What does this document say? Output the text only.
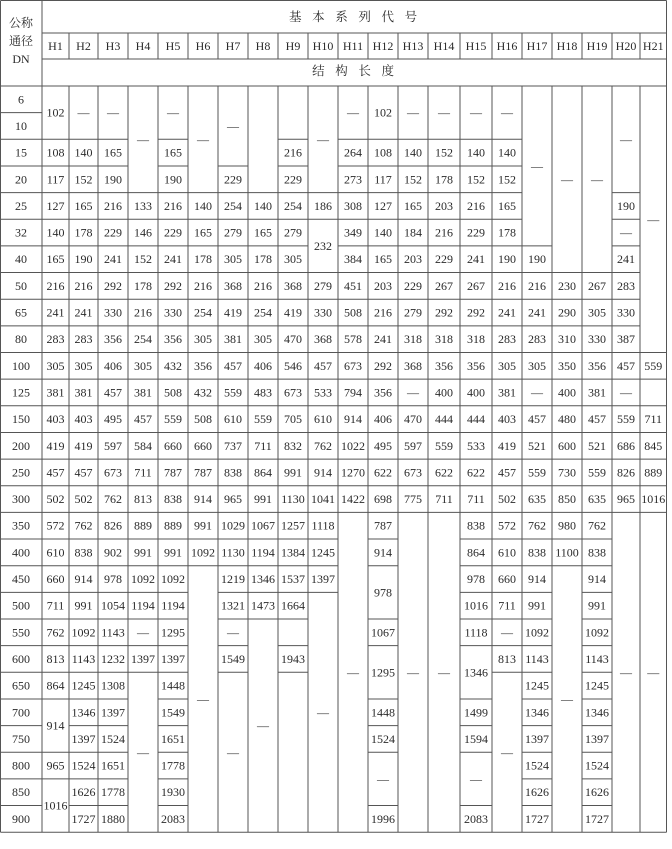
公称
通径
DN
基 本 系 列 代 号
结 构 长 度
H1 H2 H3 H4 H5 H6 H7 H8 H9 H10 H11 H12 H13 H14 H15 H16 H17 H18 H19 H20 H21
6
10
15
20
25
32
40
50
65
80
100
125
150
200
250
300
350
400
450
500
550
600
650
700
750
800
850
900
102
108
117
127
140
165
216
241
283
305
381
403
419
457
502
572
610
660
711
762
813
864
914
965
1016
—
140
152
165
178
190
216
241
283
305
381
403
419
457
502
762
838
914
991
1092
1143
1245
1346
1397
1524
1626
1727
—
165
190
216
229
241
292
330
356
406
457
495
597
673
762
826
902
978
1054
1143
1232
1308
1397
1524
1651
1778
1880
—
133
146
152
178
216
254
305
381
457
584
711
813
889
991
1092
1194
—
1397
—
—
165
190
216
229
241
292
330
356
432
508
559
660
787
838
889
991
1092
1194
1295
1397
1448
1549
1651
1778
1930
2083
—
140
165
178
216
254
305
356
432
508
660
787
914
991
1092
—
—
229
254
279
305
368
419
381
457
559
610
737
838
965
1029
1130
1219
1321
—
1549
—
140
165
178
216
254
305
406
483
559
711
864
991
1067
1194
1346
1473
—
216
229
254
279
305
368
419
470
546
673
705
832
991
1130
1257
1384
1537
1664
1943
—
186
232
279
330
368
457
533
610
762
914
1041
1118
1245
1397
—
—
264
273
308
349
384
451
508
578
673
794
914
1022
1270
1422
—
102
108
117
127
140
165
203
216
241
292
356
406
495
622
698
787
914
978
1067
1295
1448
1524
—
1996
—
140
152
165
184
203
229
279
318
368
—
470
597
673
775
—
—
152
178
203
216
229
267
292
318
356
400
444
559
622
711
—
—
140
152
216
229
241
267
292
318
356
400
444
533
622
711
838
864
978
1016
1118
1346
1499
1594
—
2083
—
140
152
165
178
190
216
241
283
305
381
403
419
457
502
572
610
660
711
—
813
—
—
190
216
241
283
305
—
457
521
559
635
762
838
914
991
1092
1143
1245
1346
1397
1524
1626
1727
—
230
290
310
350
400
480
600
730
850
980
1100
—
—
267
305
330
356
381
457
521
559
635
762
838
914
991
1092
1143
1245
1346
1397
1524
1626
1727
—
190
—
241
283
330
387
457
—
559
686
826
965
—
—
559
711
845
889
1016
—
